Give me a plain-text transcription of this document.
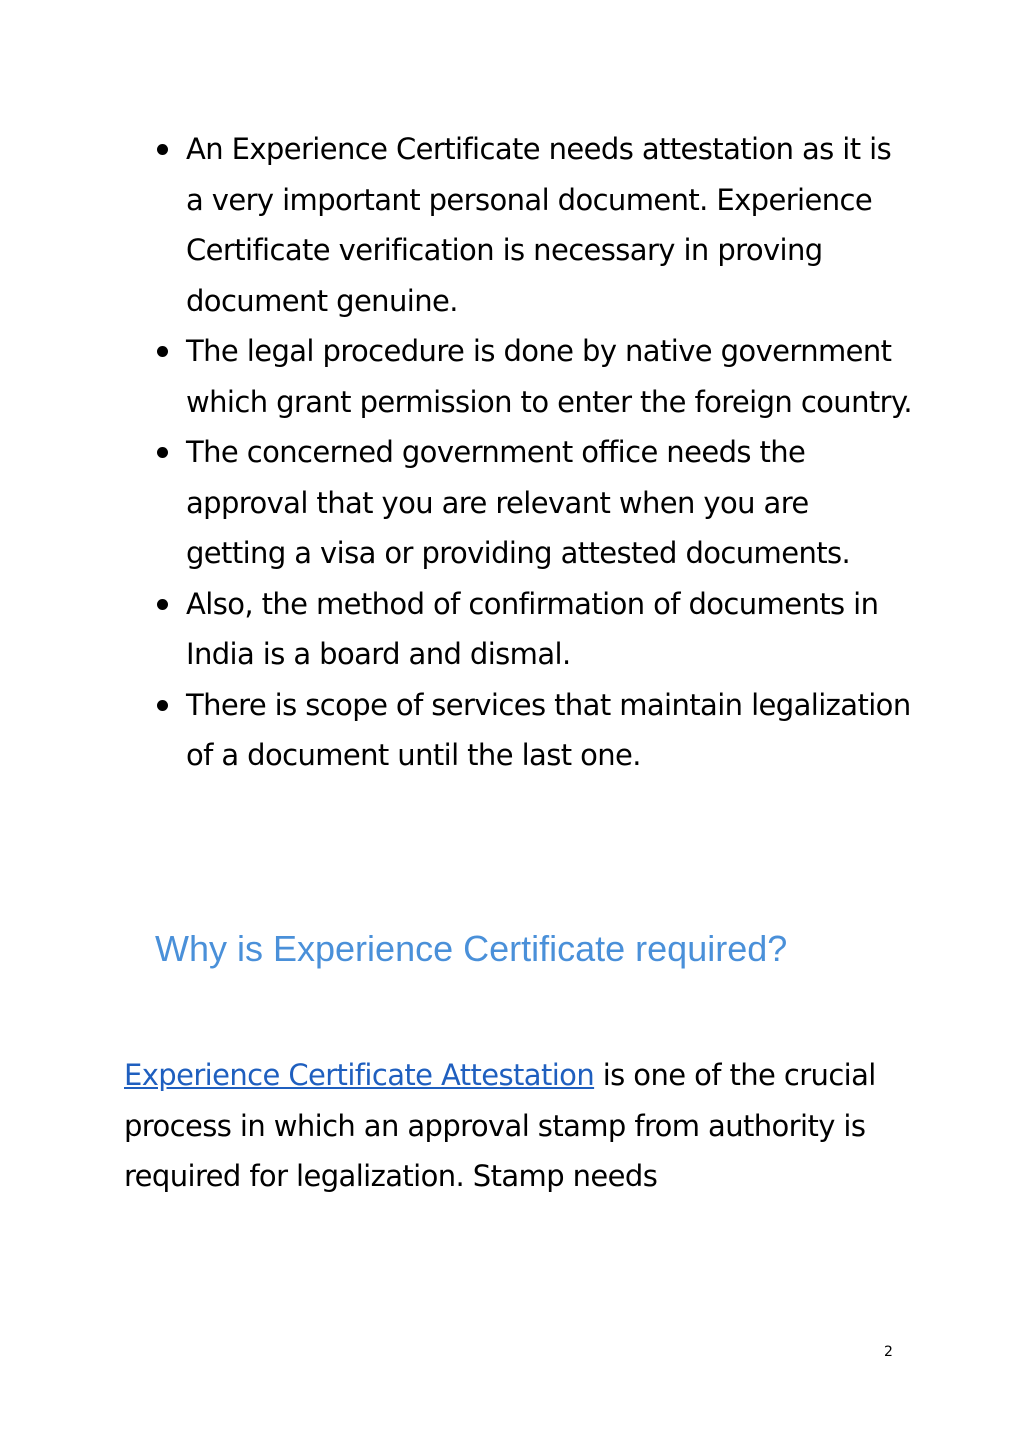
An Experience Certificate needs attestation as it is a very important personal document. Experience Certificate verification is necessary in proving document genuine.
The legal procedure is done by native government which grant permission to enter the foreign country.
The concerned government office needs the approval that you are relevant when you are getting a visa or providing attested documents.
Also, the method of confirmation of documents in India is a board and dismal.
There is scope of services that maintain legalization of a document until the last one.
Why is Experience Certificate required?

Experience Certificate Attestation is one of the crucial process in which an approval stamp from authority is required for legalization. Stamp needs

2
